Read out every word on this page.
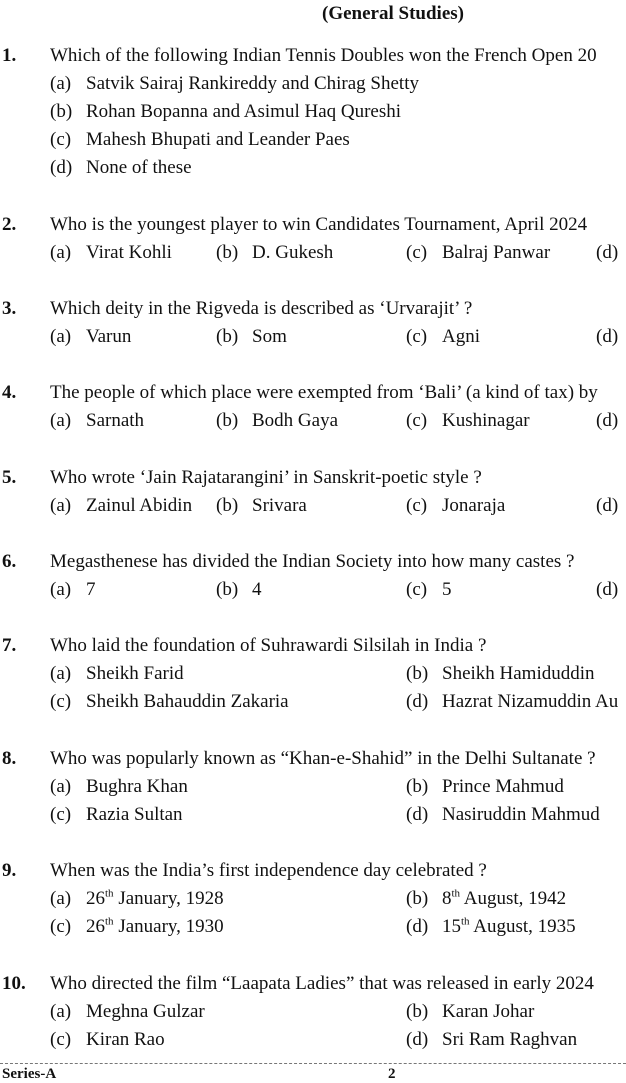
(General Studies)
1. Which of the following Indian Tennis Doubles won the French Open 20
(a) Satvik Sairaj Rankireddy and Chirag Shetty
(b) Rohan Bopanna and Asimul Haq Qureshi
(c) Mahesh Bhupati and Leander Paes
(d) None of these
2. Who is the youngest player to win Candidates Tournament, April 2024
(a) Virat Kohli (b) D. Gukesh	(c) Balraj Panwar (d)
3. Which deity in the Rigveda is described as ‘Urvarajit’ ?
(a) Varun	(b) Som	(c) Agni	(d)
4. The people of which place were exempted from ‘Bali’ (a kind of tax) by
(a) Sarnath	(b) Bodh Gaya	(c) Kushinagar	(d)
5. Who wrote ‘Jain Rajatarangini’ in Sanskrit-poetic style ?
(a) Zainul Abidin (b) Srivara	(c) Jonaraja	(d)
6. Megasthenese has divided the Indian Society into how many castes ?
(a) 7	(b) 4	(c) 5	(d)
7. Who laid the foundation of Suhrawardi Silsilah in India ?
(a) Sheikh Farid	(b) Sheikh Hamiduddin
(c) Sheikh Bahauddin Zakaria	(d) Hazrat Nizamuddin Au
8. Who was popularly known as “Khan-e-Shahid” in the Delhi Sultanate ?
(a) Bughra Khan	(b) Prince Mahmud
(c) Razia Sultan	(d) Nasiruddin Mahmud
9. When was the India’s first independence day celebrated ?
(a) 26th January, 1928	(b) 8th August, 1942
(c) 26th January, 1930	(d) 15th August, 1935
10. Who directed the film “Laapata Ladies” that was released in early 2024
(a) Meghna Gulzar	(b) Karan Johar
(c) Kiran Rao	(d) Sri Ram Raghvan
Series-A	2
